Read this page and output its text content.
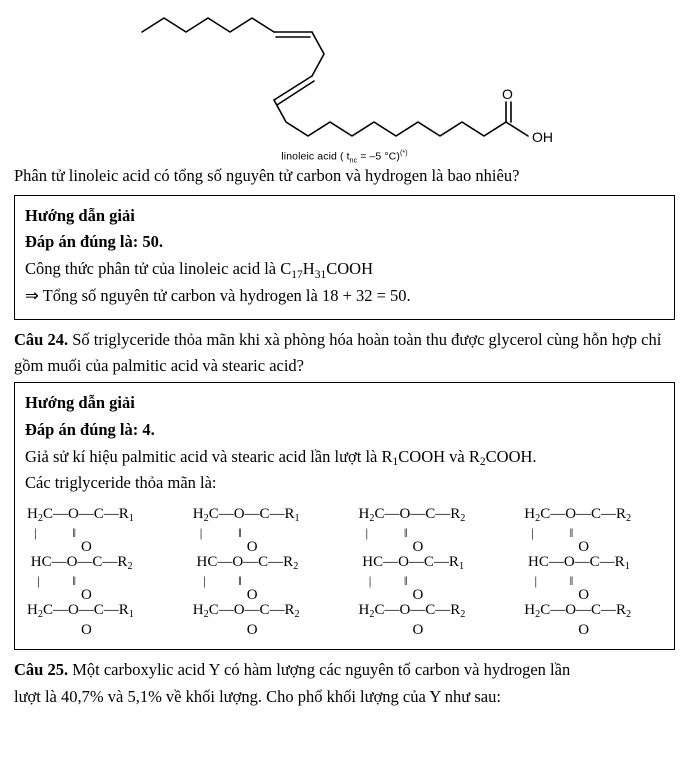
O
OH
linoleic acid ( $t_{nc} = -5$ °C)(*)
Phân tử linoleic acid có tổng số nguyên tử carbon và hydrogen là bao nhiêu?

Hướng dẫn giải

Đáp án đúng là: 50.

Công thức phân tử của linoleic acid là $C_{17}H_{31}COOH$

⇒ Tổng số nguyên tử carbon và hydrogen là 18 + 32 = 50.

Câu 24. Số triglyceride thỏa mãn khi xà phòng hóa hoàn toàn thu được glycerol cùng hỗn hợp chỉ gồm muối của palmitic acid và stearic acid?

Hướng dẫn giải

Đáp án đúng là: 4.

Giả sử kí hiệu palmitic acid và stearic acid lần lượt là $R_1COOH$ và $R_2COOH$.

Các triglyceride thỏa mãn là:

$H_2C—O—C—R_1$
|           ‖
O
$HC—O—C—R_2$
|          ‖
O
$H_2C—O—C—R_1$
O
$H_2C—O—C—R_1$
|           ‖
O
$HC—O—C—R_2$
|          ‖
O
$H_2C—O—C—R_2$
O
$H_2C—O—C—R_2$
|           ‖
O
$HC—O—C—R_1$
|          ‖
O
$H_2C—O—C—R_2$
O
$H_2C—O—C—R_2$
|           ‖
O
$HC—O—C—R_1$
|          ‖
O
$H_2C—O—C—R_2$
O
Câu 25. Một carboxylic acid Y có hàm lượng các nguyên tố carbon và hydrogen lần
lượt là 40,7% và 5,1% về khối lượng. Cho phổ khối lượng của Y như sau:
